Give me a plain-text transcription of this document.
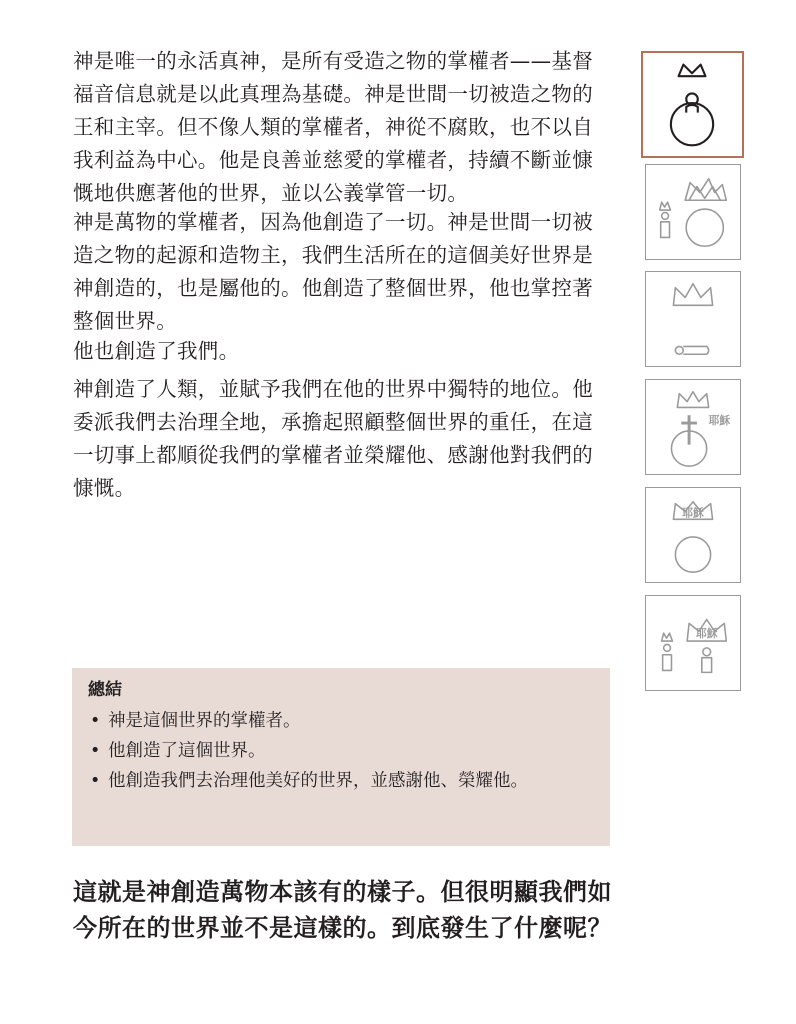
神是唯一的永活真神，是所有受造之物的掌權者——基督福音信息就是以此真理為基礎。神是世間一切被造之物的王和主宰。但不像人類的掌權者，神從不腐敗，也不以自我利益為中心。他是良善並慈愛的掌權者，持續不斷並慷慨地供應著他的世界，並以公義掌管一切。

神是萬物的掌權者，因為他創造了一切。神是世間一切被造之物的起源和造物主，我們生活所在的這個美好世界是神創造的，也是屬他的。他創造了整個世界，他也掌控著整個世界。

他也創造了我們。

神創造了人類，並賦予我們在他的世界中獨特的地位。他委派我們去治理全地，承擔起照顧整個世界的重任，在這一切事上都順從我們的掌權者並榮耀他、感謝他對我們的慷慨。

總結

• 神是這個世界的掌權者。
• 他創造了這個世界。
• 他創造我們去治理他美好的世界，並感謝他、榮耀他。

這就是神創造萬物本該有的樣子。但很明顯我們如今所在的世界並不是這樣的。到底發生了什麼呢？

耶穌
耶穌
耶穌
